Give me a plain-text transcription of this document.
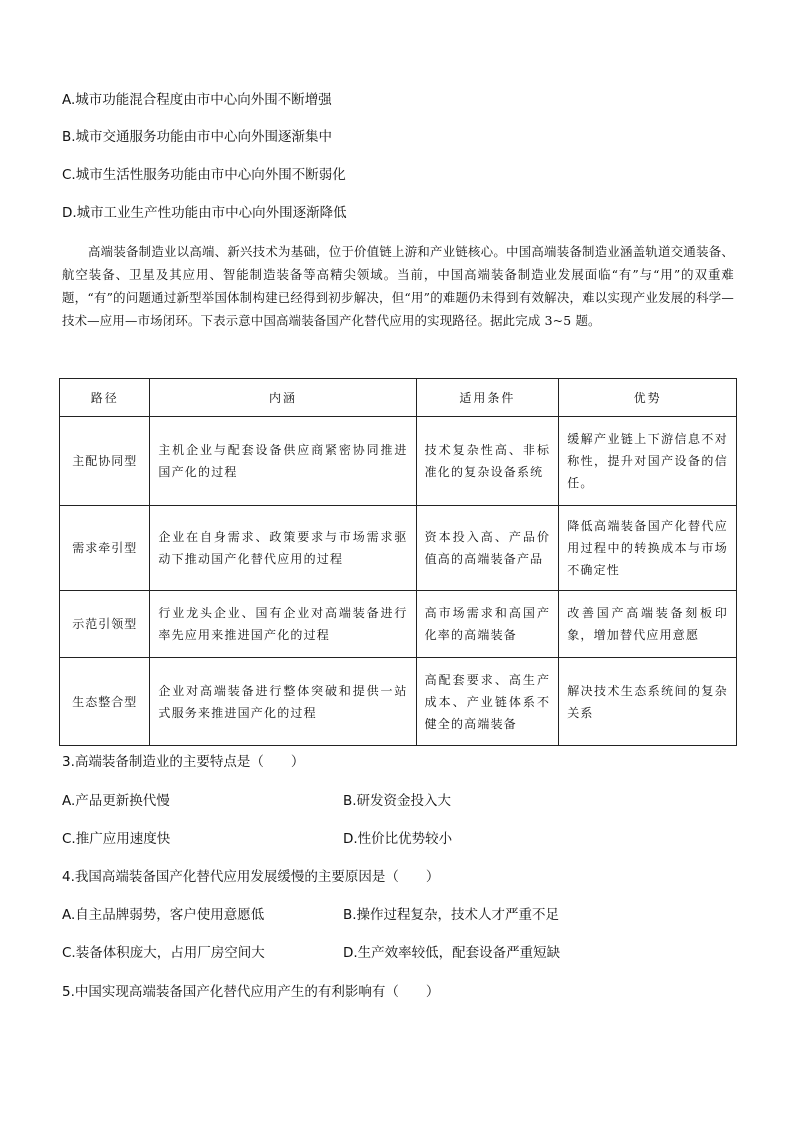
A.城市功能混合程度由市中心向外围不断增强
B.城市交通服务功能由市中心向外围逐渐集中
C.城市生活性服务功能由市中心向外围不断弱化
D.城市工业生产性功能由市中心向外围逐渐降低
高端装备制造业以高端、新兴技术为基础，位于价值链上游和产业链核心。中国高端装备制造业涵盖轨道交通装备、航空装备、卫星及其应用、智能制造装备等高精尖领域。当前，中国高端装备制造业发展面临“有”与“用”的双重难题，“有”的问题通过新型举国体制构建已经得到初步解决，但“用”的难题仍未得到有效解决，难以实现产业发展的科学—技术—应用—市场闭环。下表示意中国高端装备国产化替代应用的实现路径。据此完成 3~5 题。
路径	内涵	适用条件	优势
主配协同型	主机企业与配套设备供应商紧密协同推进国产化的过程	技术复杂性高、非标准化的复杂设备系统	缓解产业链上下游信息不对称性，提升对国产设备的信任。
需求牵引型	企业在自身需求、政策要求与市场需求驱动下推动国产化替代应用的过程	资本投入高、产品价值高的高端装备产品	降低高端装备国产化替代应用过程中的转换成本与市场不确定性
示范引领型	行业龙头企业、国有企业对高端装备进行率先应用来推进国产化的过程	高市场需求和高国产化率的高端装备	改善国产高端装备刻板印象，增加替代应用意愿
生态整合型	企业对高端装备进行整体突破和提供一站式服务来推进国产化的过程	高配套要求、高生产成本、产业链体系不健全的高端装备	解决技术生态系统间的复杂关系
3.高端装备制造业的主要特点是（　　）
A.产品更新换代慢	B.研发资金投入大
C.推广应用速度快	D.性价比优势较小
4.我国高端装备国产化替代应用发展缓慢的主要原因是（　　）
A.自主品牌弱势，客户使用意愿低	B.操作过程复杂，技术人才严重不足
C.装备体积庞大，占用厂房空间大	D.生产效率较低，配套设备严重短缺
5.中国实现高端装备国产化替代应用产生的有利影响有（　　）
